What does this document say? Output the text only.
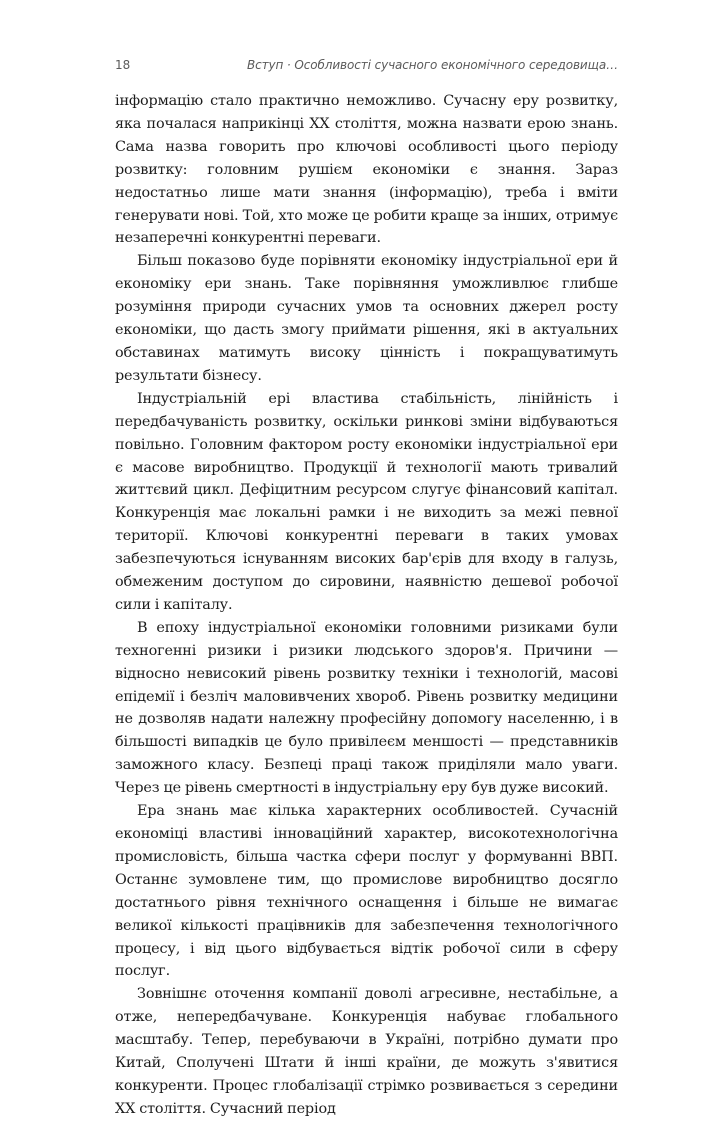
18	Вступ · Особливості сучасного економічного середовища…

інформацію стало практично неможливо. Сучасну еру розвитку, яка почалася наприкінці XX століття, можна назвати ерою знань. Сама назва говорить про ключові особливості цього періоду розвитку: головним рушієм економіки є знання. Зараз недостатньо лише мати знання (інформацію), треба і вміти генерувати нові. Той, хто може це робити краще за інших, отримує незаперечні конкурентні переваги.

Більш показово буде порівняти економіку індустріальної ери й економіку ери знань. Таке порівняння уможливлює глибше розуміння природи сучасних умов та основних джерел росту економіки, що дасть змогу приймати рішення, які в актуальних обставинах матимуть високу цінність і покращуватимуть результати бізнесу.

Індустріальній ері властива стабільність, лінійність і передбачуваність розвитку, оскільки ринкові зміни відбуваються повільно. Головним фактором росту економіки індустріальної ери є масове виробництво. Продукції й технології мають тривалий життєвий цикл. Дефіцитним ресурсом слугує фінансовий капітал. Конкуренція має локальні рамки і не виходить за межі певної території. Ключові конкурентні переваги в таких умовах забезпечуються існуванням високих бар'єрів для входу в галузь, обмеженим доступом до сировини, наявністю дешевої робочої сили і капіталу.

В епоху індустріальної економіки головними ризиками були техногенні ризики і ризики людського здоров'я. Причини — відносно невисокий рівень розвитку техніки і технологій, масові епідемії і безліч маловивчених хвороб. Рівень розвитку медицини не дозволяв надати належну професійну допомогу населенню, і в більшості випадків це було привілеєм меншості — представників заможного класу. Безпеці праці також приділяли мало уваги. Через це рівень смертності в індустріальну еру був дуже високий.

Ера знань має кілька характерних особливостей. Сучасній економіці властиві інноваційний характер, високотехнологічна промисловість, більша частка сфери послуг у формуванні ВВП. Останнє зумовлене тим, що промислове виробництво досягло достатнього рівня технічного оснащення і більше не вимагає великої кількості працівників для забезпечення технологічного процесу, і від цього відбувається відтік робочої сили в сферу послуг.

Зовнішнє оточення компанії доволі агресивне, нестабільне, а отже, непередбачуване. Конкуренція набуває глобального масштабу. Тепер, перебуваючи в Україні, потрібно думати про Китай, Сполучені Штати й інші країни, де можуть з'явитися конкуренти. Процес глобалізації стрімко розвивається з середини XX століття. Сучасний період
